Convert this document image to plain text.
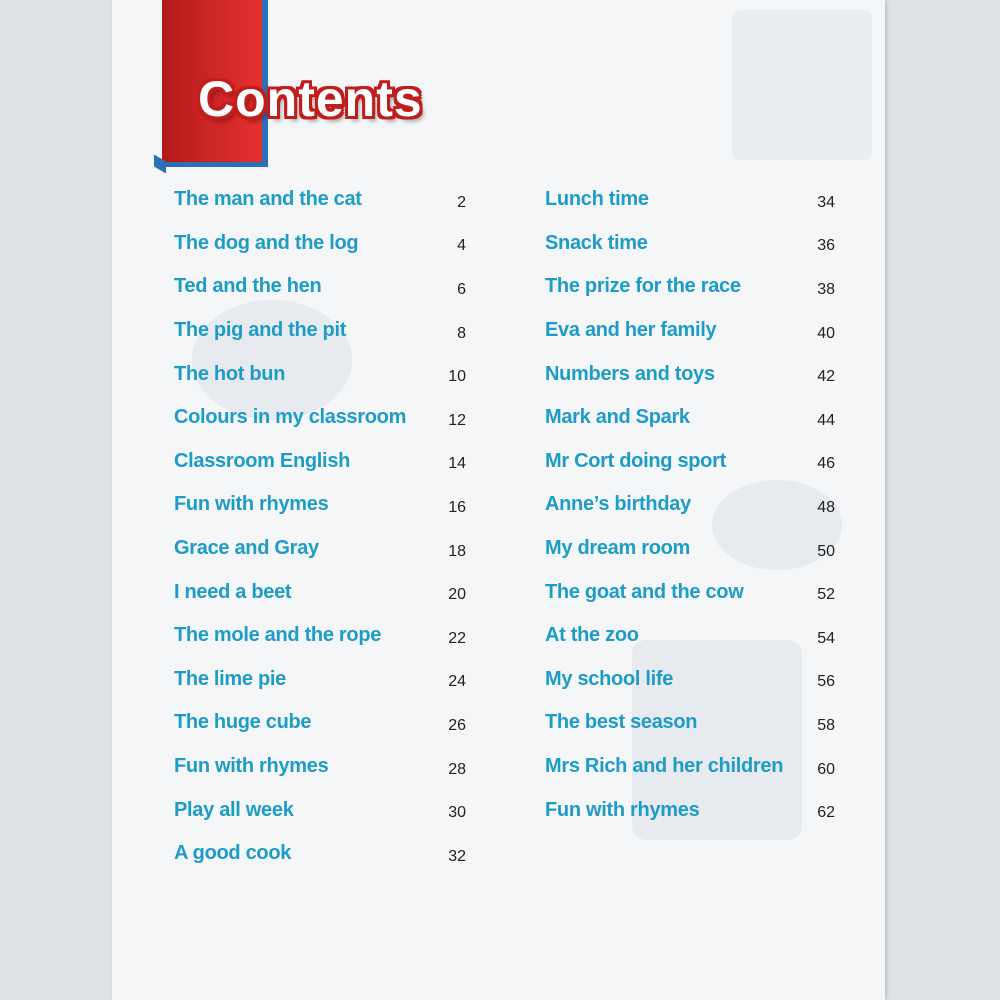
Contents
The man and the cat	2
The dog and the log	4
Ted and the hen	6
The pig and the pit	8
The hot bun	10
Colours in my classroom	12
Classroom English	14
Fun with rhymes	16
Grace and Gray	18
I need a beet	20
The mole and the rope	22
The lime pie	24
The huge cube	26
Fun with rhymes	28
Play all week	30
A good cook	32
Lunch time	34
Snack time	36
The prize for the race	38
Eva and her family	40
Numbers and toys	42
Mark and Spark	44
Mr Cort doing sport	46
Anne’s birthday	48
My dream room	50
The goat and the cow	52
At the zoo	54
My school life	56
The best season	58
Mrs Rich and her children 60
Fun with rhymes	62
